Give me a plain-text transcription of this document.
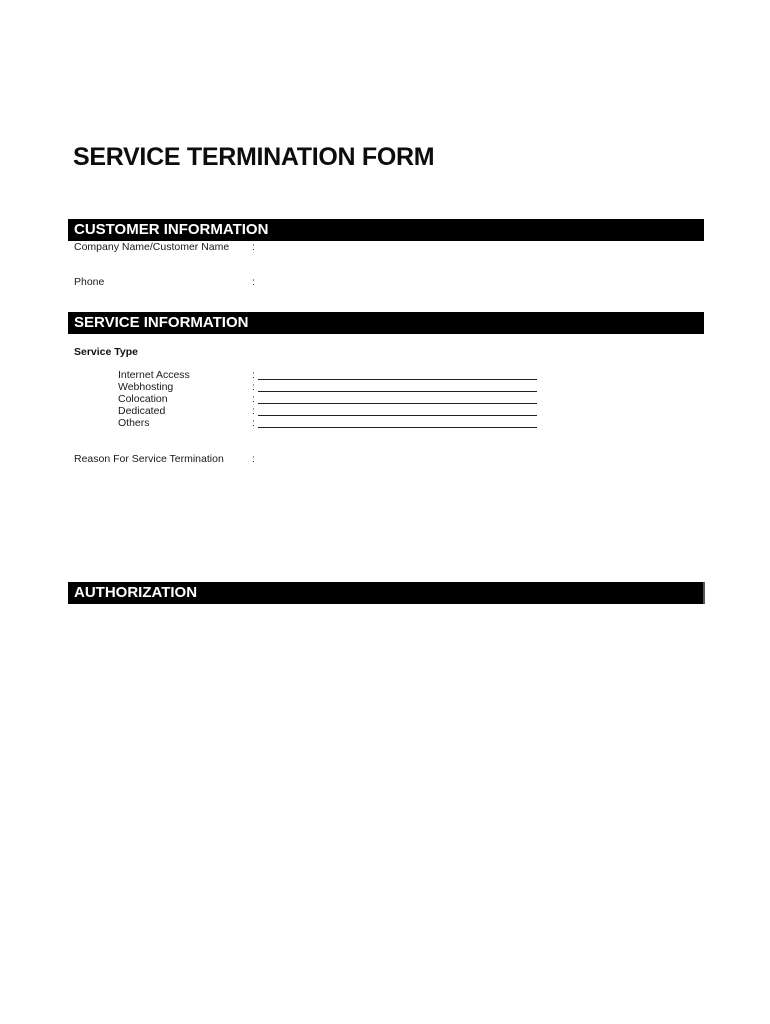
SERVICE TERMINATION FORM
CUSTOMER INFORMATION
Company Name/Customer Name :
Phone	:
SERVICE INFORMATION
Service Type
Internet Access	:
Webhosting	:
Colocation	:
Dedicated	:
Others	:
Reason For Service Termination	:
AUTHORIZATION
